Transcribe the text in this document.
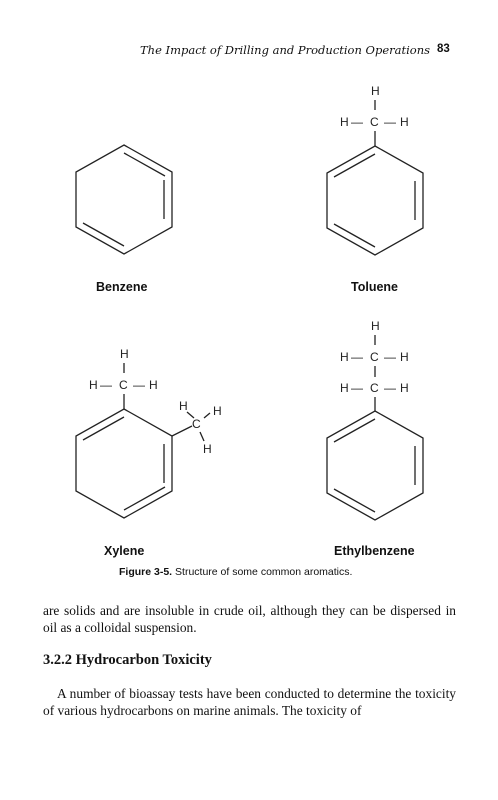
The Impact of Drilling and Production Operations 83
H
H — C — H
H
H — C — H
C
H H
H
H
H — C — H
H — C — H
Benzene	Toluene
Xylene	Ethylbenzene
Figure 3-5. Structure of some common aromatics.
are solids and are insoluble in crude oil, although they can be dispersed in oil as a colloidal suspension.
3.2.2 Hydrocarbon Toxicity
A number of bioassay tests have been conducted to determine the toxicity of various hydrocarbons on marine animals. The toxicity of
